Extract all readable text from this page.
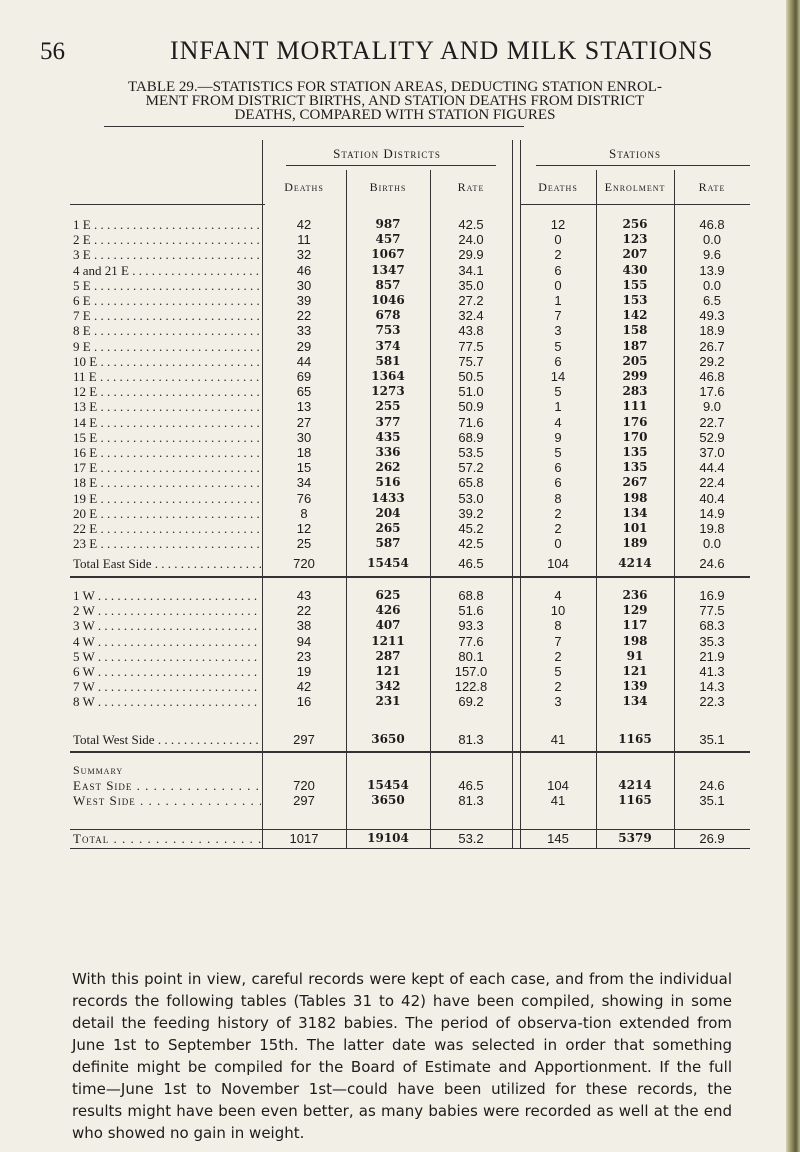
56	INFANT MORTALITY AND MILK STATIONS
TABLE 29.—STATISTICS FOR STATION AREAS, DEDUCTING STATION ENROL-
MENT FROM DISTRICT BIRTHS, AND STATION DEATHS FROM DISTRICT
DEATHS, COMPARED WITH STATION FIGURES
Station Districts	Stations
Deaths	Births	Rate	Deaths	Enrolment	Rate
1 E . . .	42	987	42.5	12	256	46.8
2 E . . .	11	457	24.0	0	123	0.0
3 E . . .	32	1067	29.9	2	207	9.6
4 and 21 E . . .	46	1347	34.1	6	430	13.9
5 E . . .	30	857	35.0	0	155	0.0
6 E . . .	39	1046	27.2	1	153	6.5
7 E . . .	22	678	32.4	7	142	49.3
8 E . . .	33	753	43.8	3	158	18.9
9 E . . .	29	374	77.5	5	187	26.7
10 E . . .	44	581	75.7	6	205	29.2
11 E . . .	69	1364	50.5	14	299	46.8
12 E . . .	65	1273	51.0	5	283	17.6
13 E . . .	13	255	50.9	1	111	9.0
14 E . . .	27	377	71.6	4	176	22.7
15 E . . .	30	435	68.9	9	170	52.9
16 E . . .	18	336	53.5	5	135	37.0
17 E . . .	15	262	57.2	6	135	44.4
18 E . . .	34	516	65.8	6	267	22.4
19 E . . .	76	1433	53.0	8	198	40.4
20 E . . .	8	204	39.2	2	134	14.9
22 E . . .	12	265	45.2	2	101	19.8
23 E . . .	25	587	42.5	0	189	0.0
Total East Side . . .	720	15454	46.5	104	4214	24.6
1 W . . .	43	625	68.8	4	236	16.9
2 W . . .	22	426	51.6	10	129	77.5
3 W . . .	38	407	93.3	8	117	68.3
4 W . . .	94	1211	77.6	7	198	35.3
5 W . . .	23	287	80.1	2	91	21.9
6 W . . .	19	121	157.0	5	121	41.3
7 W . . .	42	342	122.8	2	139	14.3
8 W . . .	16	231	69.2	3	134	22.3
Total West Side . . .	297	3650	81.3	41	1165	35.1
Summary
East Side . . .	720	15454	46.5	104	4214	24.6
West Side . . .	297	3650	81.3	41	1165	35.1
Total . . .	1017	19104	53.2	145	5379	26.9
With this point in view, careful records were kept of each case, and from the individual records the following tables (Tables 31 to 42) have been compiled, showing in some detail the feeding history of 3182 babies. The period of observa-tion extended from June 1st to September 15th. The latter date was selected in order that something definite might be compiled for the Board of Estimate and Apportionment. If the full time—June 1st to November 1st—could have been utilized for these records, the results might have been even better, as many babies were recorded as well at the end who showed no gain in weight.
